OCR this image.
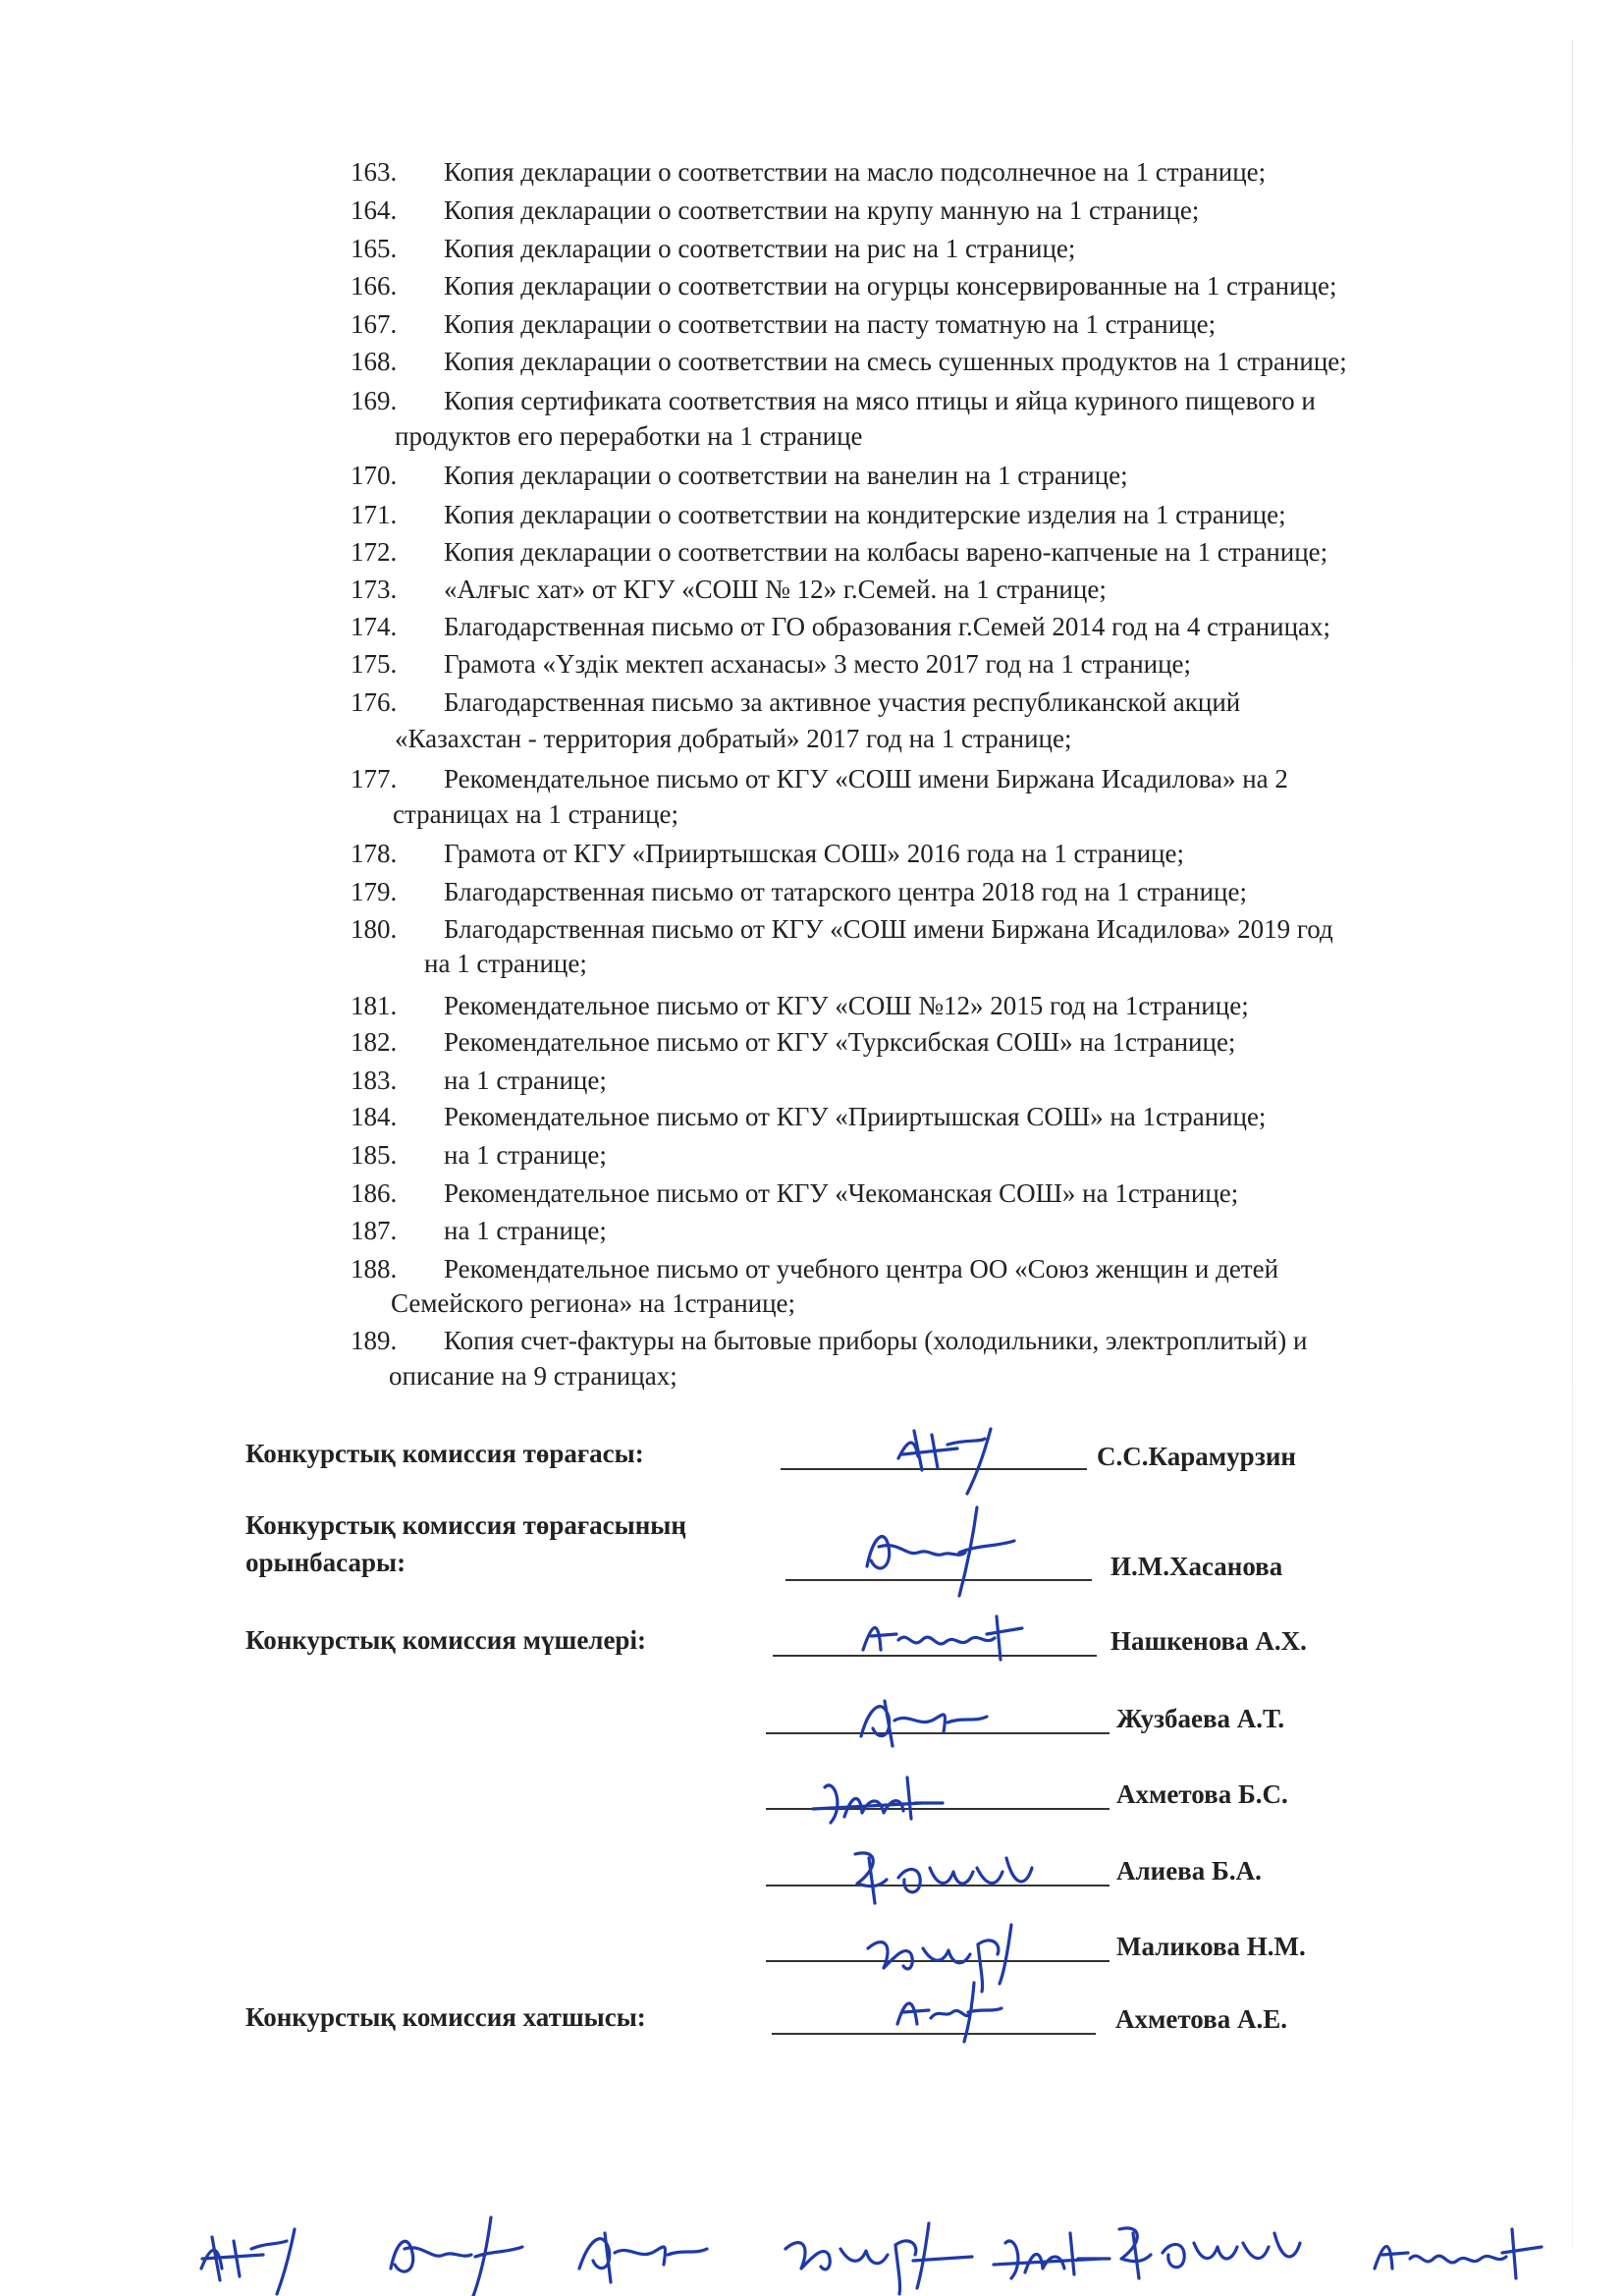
163. Копия декларации о соответствии на масло подсолнечное на 1 странице;
164. Копия декларации о соответствии на крупу манную на 1 странице;
165. Копия декларации о соответствии на рис на 1 странице;
166. Копия декларации о соответствии на огурцы консервированные на 1 странице;
167. Копия декларации о соответствии на пасту томатную на 1 странице;
168. Копия декларации о соответствии на смесь сушенных продуктов на 1 странице;
169. Копия сертификата соответствия на мясо птицы и яйца куриного пищевого и
продуктов его переработки на 1 странице
170. Копия декларации о соответствии на ванелин на 1 странице;
171. Копия декларации о соответствии на кондитерские изделия на 1 странице;
172. Копия декларации о соответствии на колбасы варено-капченые на 1 странице;
173. «Алғыс хат» от КГУ «СОШ № 12» г.Семей. на 1 странице;
174. Благодарственная письмо от ГО образования г.Семей 2014 год на 4 страницах;
175. Грамота «Үздік мектеп асханасы» 3 место 2017 год на 1 странице;
176. Благодарственная письмо за активное участия республиканской акций
«Казахстан - территория добратый» 2017 год на 1 странице;
177. Рекомендательное письмо от КГУ «СОШ имени Биржана Исадилова» на 2
страницах на 1 странице;
178. Грамота от КГУ «Прииртышская СОШ» 2016 года на 1 странице;
179. Благодарственная письмо от татарского центра 2018 год на 1 странице;
180. Благодарственная письмо от КГУ «СОШ имени Биржана Исадилова» 2019 год
на 1 странице;
181. Рекомендательное письмо от КГУ «СОШ №12» 2015 год на 1странице;
182. Рекомендательное письмо от КГУ «Турксибская СОШ» на 1странице;
183. на 1 странице;
184. Рекомендательное письмо от КГУ «Прииртышская СОШ» на 1странице;
185. на 1 странице;
186. Рекомендательное письмо от КГУ «Чекоманская СОШ» на 1странице;
187. на 1 странице;
188. Рекомендательное письмо от учебного центра ОО «Союз женщин и детей
Семейского региона» на 1странице;
189. Копия счет-фактуры на бытовые приборы (холодильники, электроплитый) и
описание на 9 страницах;
Конкурстық комиссия төрағасы:	С.С.Карамурзин
Конкурстық комиссия төрағасының
орынбасары:	И.М.Хасанова
Конкурстық комиссия мүшелері:	Нашкенова А.Х.
Жузбаева А.Т.
Ахметова Б.С.
Алиева Б.А.
Маликова Н.М.
Конкурстық комиссия хатшысы:	Ахметова А.Е.
